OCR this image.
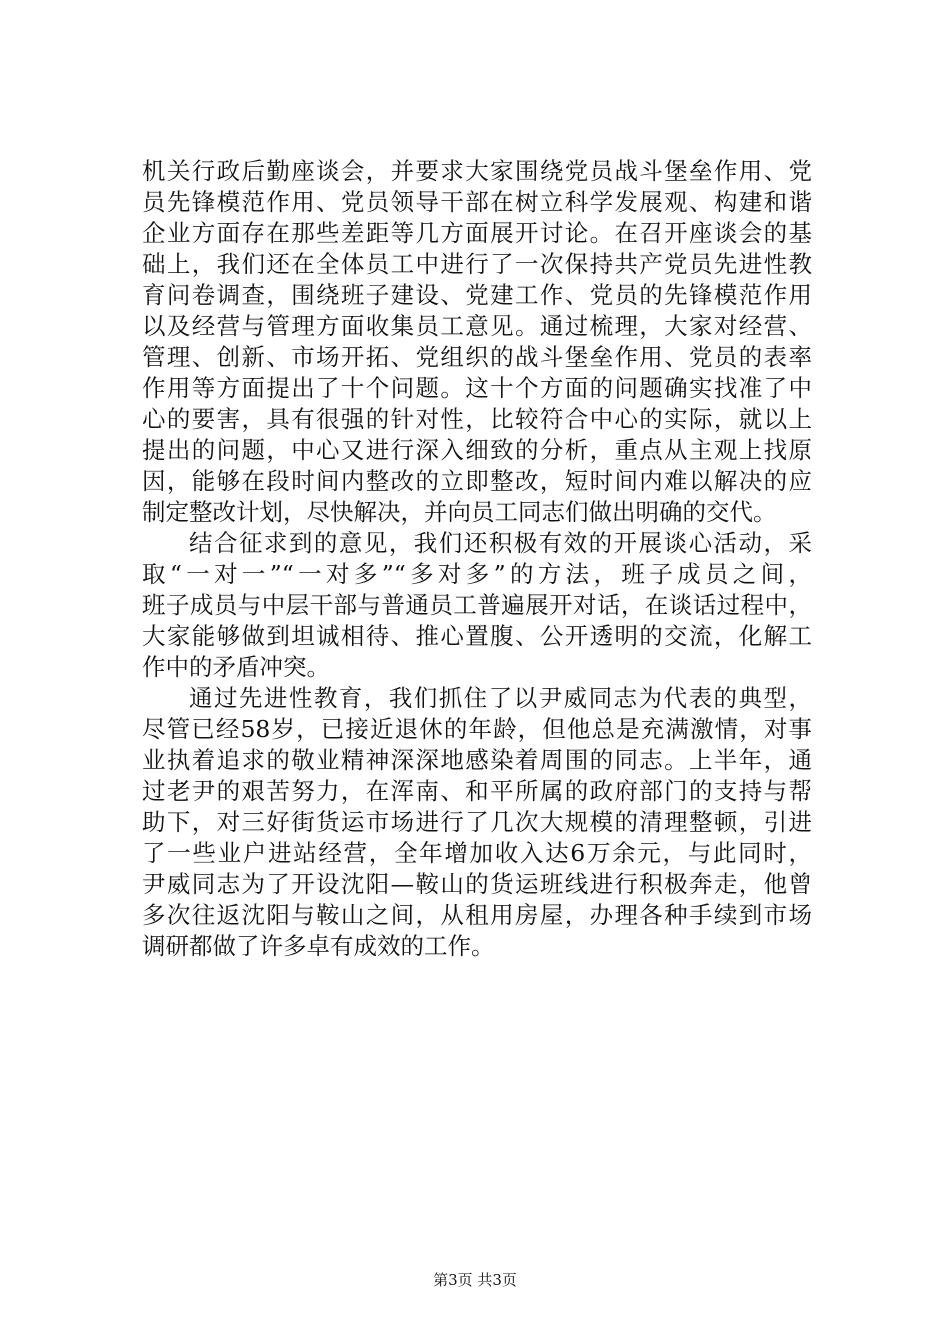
机关行政后勤座谈会，并要求大家围绕党员战斗堡垒作用、党
员先锋模范作用、党员领导干部在树立科学发展观、构建和谐
企业方面存在那些差距等几方面展开讨论。在召开座谈会的基
础上，我们还在全体员工中进行了一次保持共产党员先进性教
育问卷调查，围绕班子建设、党建工作、党员的先锋模范作用
以及经营与管理方面收集员工意见。通过梳理，大家对经营、
管理、创新、市场开拓、党组织的战斗堡垒作用、党员的表率
作用等方面提出了十个问题。这十个方面的问题确实找准了中
心的要害，具有很强的针对性，比较符合中心的实际，就以上
提出的问题，中心又进行深入细致的分析，重点从主观上找原
因，能够在段时间内整改的立即整改，短时间内难以解决的应
制定整改计划，尽快解决，并向员工同志们做出明确的交代。
结合征求到的意见，我们还积极有效的开展谈心活动，采
取“一对一”“一对多”“多对多”的方法，班子成员之间，
班子成员与中层干部与普通员工普遍展开对话，在谈话过程中，
大家能够做到坦诚相待、推心置腹、公开透明的交流，化解工
作中的矛盾冲突。
通过先进性教育，我们抓住了以尹威同志为代表的典型，
尽管已经58岁，已接近退休的年龄，但他总是充满激情，对事
业执着追求的敬业精神深深地感染着周围的同志。上半年，通
过老尹的艰苦努力，在浑南、和平所属的政府部门的支持与帮
助下，对三好街货运市场进行了几次大规模的清理整顿，引进
了一些业户进站经营，全年增加收入达6万余元，与此同时，
尹威同志为了开设沈阳—鞍山的货运班线进行积极奔走，他曾
多次往返沈阳与鞍山之间，从租用房屋，办理各种手续到市场
调研都做了许多卓有成效的工作。
第3页 共3页
